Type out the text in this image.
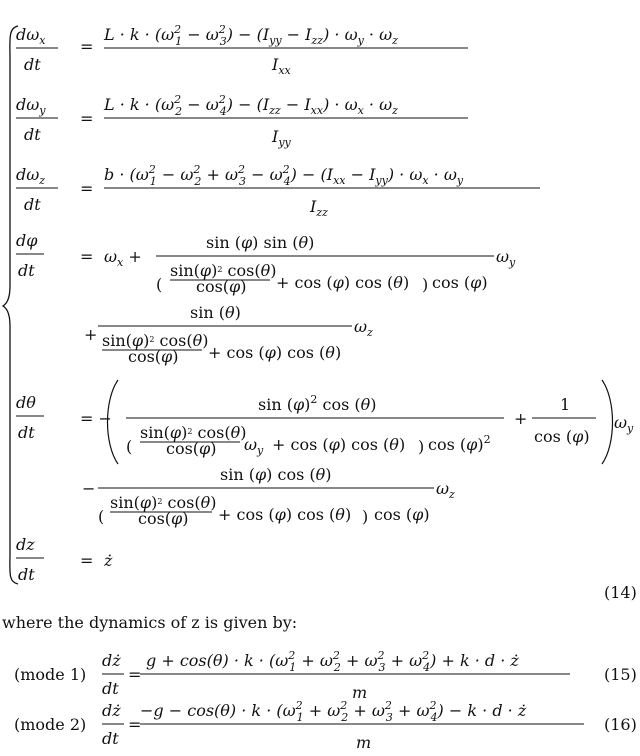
$d\omega_x$
dt
=
$L \cdot k \cdot (\omega^2$ $1 - \omega^2$ $3) - (I_{yy} - I_{zz}) \cdot \omega_y \cdot \omega_z$
$I_{xx}$
$d\omega_y$
dt
=
$L \cdot k \cdot (\omega^2$ $2 - \omega^2$ $4) - (I_{zz} - I_{xx}) \cdot \omega_x \cdot \omega_z$
$I_{yy}$
$d\omega_z$
dt
=
$b \cdot (\omega^2$ $1 - \omega^2$ $2 + \omega^2$ $3 - \omega^2$ $4) - (I_{xx} - I_{yy}) \cdot \omega_x \cdot \omega_y$
$I_{zz}$
dφ
dt
= $\omega_x$ +
sin (φ) sin (θ)
(
$\sin(\varphi)^2$ cos(θ)
cos(φ) + cos (φ) cos (θ) ) cos (φ)
$\omega_y$
+
sin (θ)
$\sin(\varphi)^2$ cos(θ)
cos(φ) + cos (φ) cos (θ)
$\omega_z$
dθ
dt
= −
$\sin (\varphi)^2$ cos (θ)
(
$\sin(\varphi)^2$ cos(θ)
cos(φ) $\omega_y + \cos (\varphi)$ cos (θ) ) $\cos (\varphi)^2$
+
1
cos (φ)
$\omega_y$
−
sin (φ) cos (θ)
(
$\sin(\varphi)^2$ cos(θ)
cos(φ) + cos (φ) cos (θ) ) cos (φ)
$\omega_z$
dz
dt
= ż
(14)
where the dynamics of z is given by:
(mode 1)
dż
dt
=
$g + \cos(\theta) \cdot k \cdot (\omega^2$ $1 + \omega^2$ $2 + \omega^2$ $3 + \omega^2$ 4) + k · d · ż
m
(15)
(mode 2)
dż
dt
=
$-g - \cos(\theta) \cdot k \cdot (\omega^2$ $1 + \omega^2$ $2 + \omega^2$ $3 + \omega^2$ 4) − k · d · ż
m
(16)
